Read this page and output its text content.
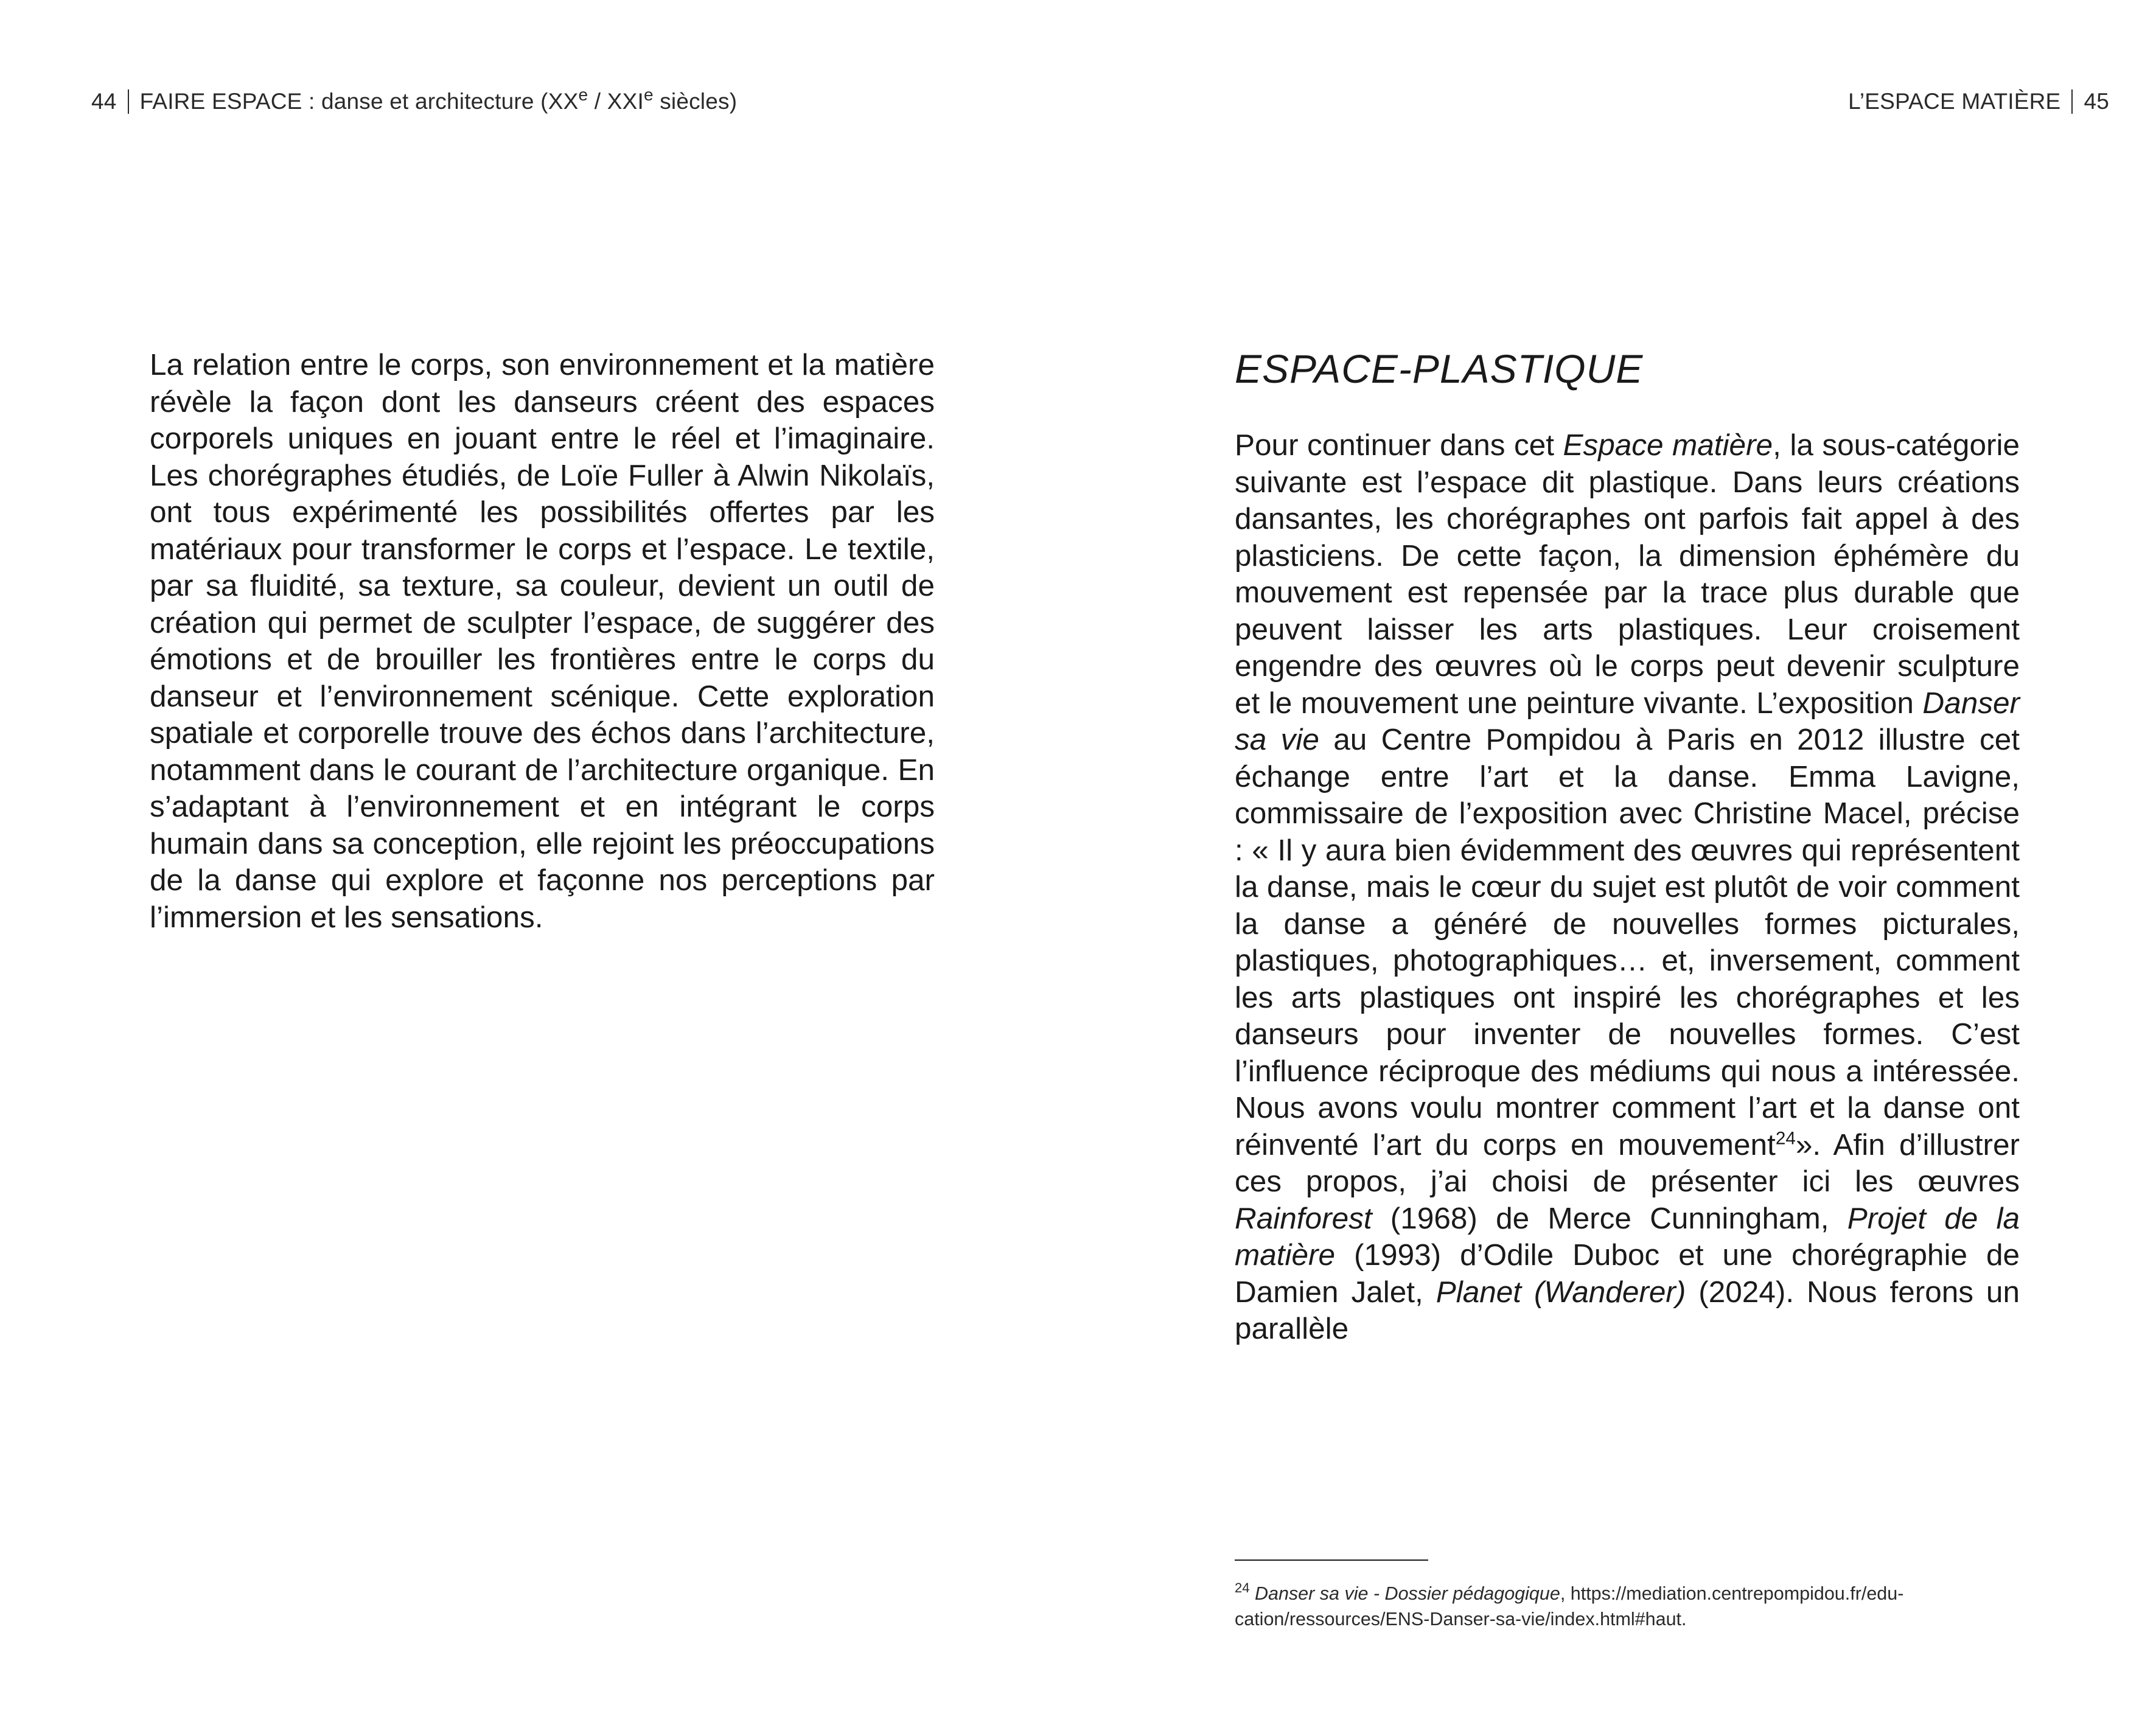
44 FAIRE ESPACE : danse et architecture (XXe / XXIe siècles)

La relation entre le corps, son environnement et la matière révèle la façon dont les danseurs créent des espaces corporels uniques en jouant entre le réel et l’imaginaire. Les chorégraphes étudiés, de Loïe Fuller à Alwin Nikolaïs, ont tous expérimenté les possibilités offertes par les matériaux pour transformer le corps et l’espace. Le textile, par sa fluidité, sa texture, sa couleur, devient un outil de création qui permet de sculpter l’espace, de suggérer des émotions et de brouiller les frontières entre le corps du danseur et l’environnement scénique. Cette exploration spatiale et corporelle trouve des échos dans l’architecture, notamment dans le courant de l’architecture organique. En s’adaptant à l’environnement et en intégrant le corps humain dans sa conception, elle rejoint les préoccupations de la danse qui explore et façonne nos perceptions par l’immersion et les sensations.

L’ESPACE MATIÈRE 45
ESPACE-PLASTIQUE

Pour continuer dans cet Espace matière, la sous-catégorie suivante est l’espace dit plastique. Dans leurs créations dansantes, les chorégraphes ont parfois fait appel à des plasticiens. De cette façon, la dimension éphémère du mouvement est repensée par la trace plus durable que peuvent laisser les arts plastiques. Leur croisement engendre des œuvres où le corps peut devenir sculpture et le mouvement une peinture vivante. L’exposition Danser sa vie au Centre Pompidou à Paris en 2012 illustre cet échange entre l’art et la danse. Emma Lavigne, commissaire de l’exposition avec Christine Macel, précise : « Il y aura bien évidemment des œuvres qui représentent la danse, mais le cœur du sujet est plutôt de voir comment la danse a généré de nouvelles formes picturales, plastiques, photographiques… et, inversement, comment les arts plastiques ont inspiré les chorégraphes et les danseurs pour inventer de nouvelles formes. C’est l’influence réciproque des médiums qui nous a intéressée. Nous avons voulu montrer comment l’art et la danse ont réinventé l’art du corps en mouvement$^{24}$». Afin d’illustrer ces propos, j’ai choisi de présenter ici les œuvres Rainforest (1968) de Merce Cunningham, Projet de la matière (1993) d’Odile Duboc et une chorégraphie de Damien Jalet, Planet (Wanderer) (2024). Nous ferons un parallèle

$^{24}$ Danser sa vie - Dossier pédagogique, https://mediation.centrepompidou.fr/edu-cation/ressources/ENS-Danser-sa-vie/index.html#haut.
